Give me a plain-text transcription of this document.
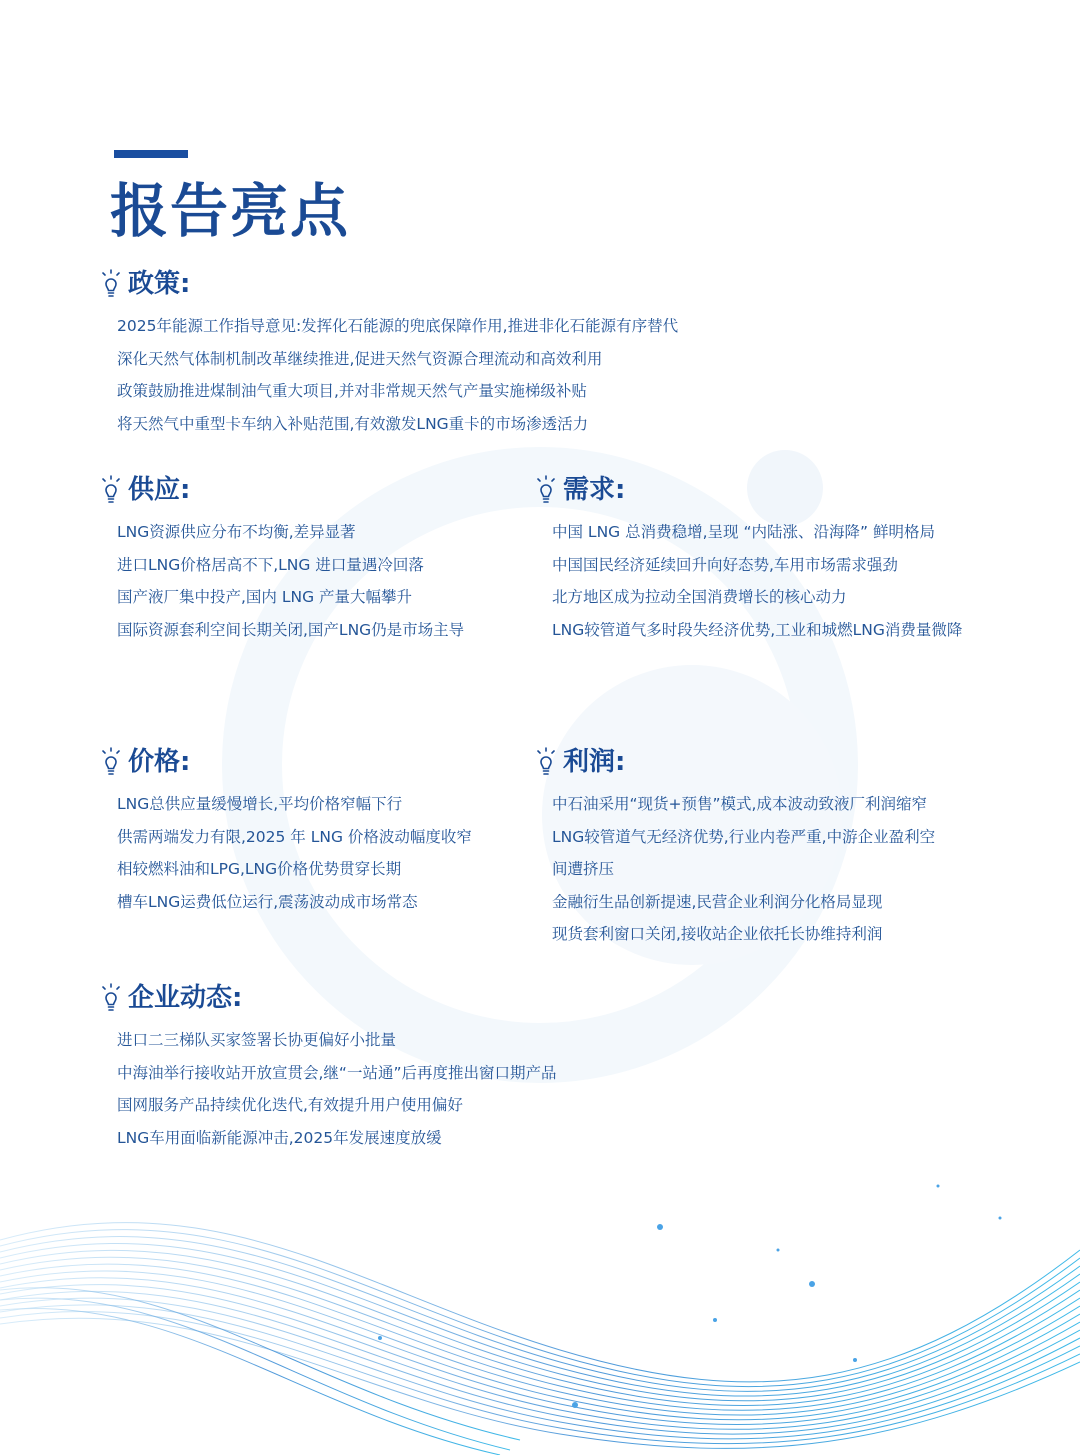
报告亮点
政策:
2025年能源工作指导意见:发挥化石能源的兜底保障作用,推进非化石能源有序替代
深化天然气体制机制改革继续推进,促进天然气资源合理流动和高效利用
政策鼓励推进煤制油气重大项目,并对非常规天然气产量实施梯级补贴
将天然气中重型卡车纳入补贴范围,有效激发LNG重卡的市场渗透活力
供应:
LNG资源供应分布不均衡,差异显著
进口LNG价格居高不下,LNG 进口量遇冷回落
国产液厂集中投产,国内 LNG 产量大幅攀升
国际资源套利空间长期关闭,国产LNG仍是市场主导
需求:
中国 LNG 总消费稳增,呈现 “内陆涨、沿海降” 鲜明格局
中国国民经济延续回升向好态势,车用市场需求强劲
北方地区成为拉动全国消费增长的核心动力
LNG较管道气多时段失经济优势,工业和城燃LNG消费量微降
价格:
LNG总供应量缓慢增长,平均价格窄幅下行
供需两端发力有限,2025 年 LNG 价格波动幅度收窄
相较燃料油和LPG,LNG价格优势贯穿长期
槽车LNG运费低位运行,震荡波动成市场常态
利润:
中石油采用“现货+预售”模式,成本波动致液厂利润缩窄
LNG较管道气无经济优势,行业内卷严重,中游企业盈利空
间遭挤压
金融衍生品创新提速,民营企业利润分化格局显现
现货套利窗口关闭,接收站企业依托长协维持利润
企业动态:
进口二三梯队买家签署长协更偏好小批量
中海油举行接收站开放宣贯会,继“一站通”后再度推出窗口期产品
国网服务产品持续优化迭代,有效提升用户使用偏好
LNG车用面临新能源冲击,2025年发展速度放缓
